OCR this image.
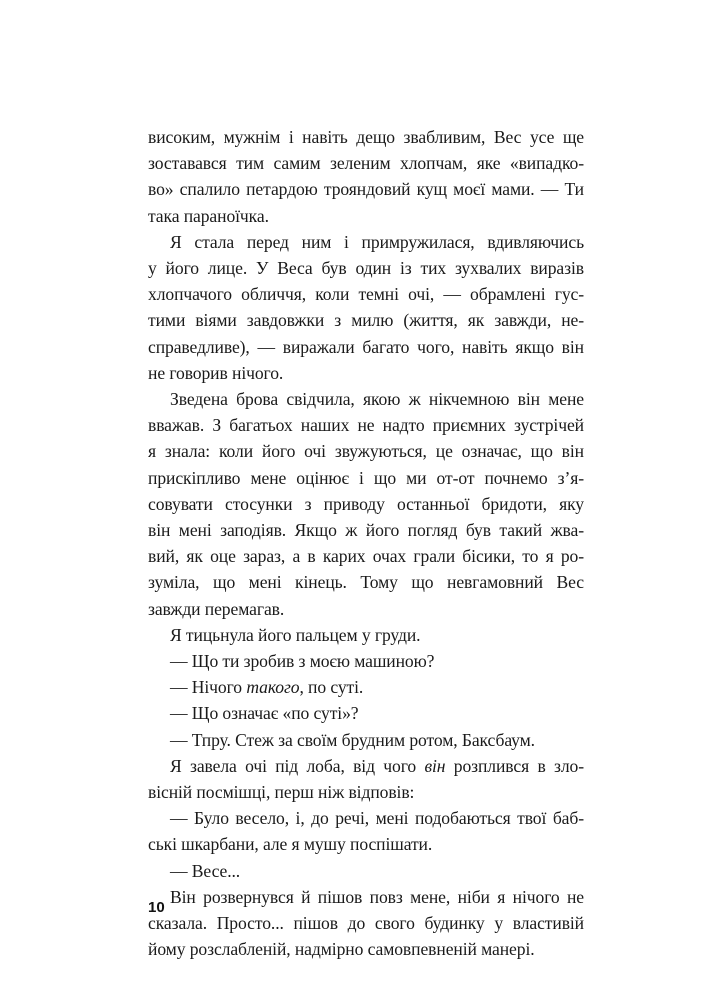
високим, мужнім і навіть дещо звабливим, Вес усе ще
зоставався тим самим зеленим хлопчам, яке «випадко-
во» спалило петардою трояндовий кущ моєї мами. — Ти
така параноїчка.
Я стала перед ним і примружилася, вдивляючись
у його лице. У Веса був один із тих зухвалих виразів
хлопчачого обличчя, коли темні очі, — обрамлені гус-
тими віями завдовжки з милю (життя, як завжди, не-
справедливе), — виражали багато чого, навіть якщо він
не говорив нічого.
Зведена брова свідчила, якою ж нікчемною він мене
вважав. З багатьох наших не надто приємних зустрічей
я знала: коли його очі звужуються, це означає, що він
прискіпливо мене оцінює і що ми от-от почнемо з’я-
совувати стосунки з приводу останньої бридоти, яку
він мені заподіяв. Якщо ж його погляд був такий жва-
вий, як оце зараз, а в карих очах грали бісики, то я ро-
зуміла, що мені кінець. Тому що невгамовний Вес
завжди перемагав.
Я тицьнула його пальцем у груди.
— Що ти зробив з моєю машиною?
— Нічого такого, по суті.
— Що означає «по суті»?
— Тпру. Стеж за своїм брудним ротом, Баксбаум.
Я завела очі під лоба, від чого він розплився в зло-
вісній посмішці, перш ніж відповів:
— Було весело, і, до речі, мені подобаються твої баб-
ські шкарбани, але я мушу поспішати.
— Весе...
Він розвернувся й пішов повз мене, ніби я нічого не
сказала. Просто... пішов до свого будинку у властивій
йому розслабленій, надмірно самовпевненій манері.
10
